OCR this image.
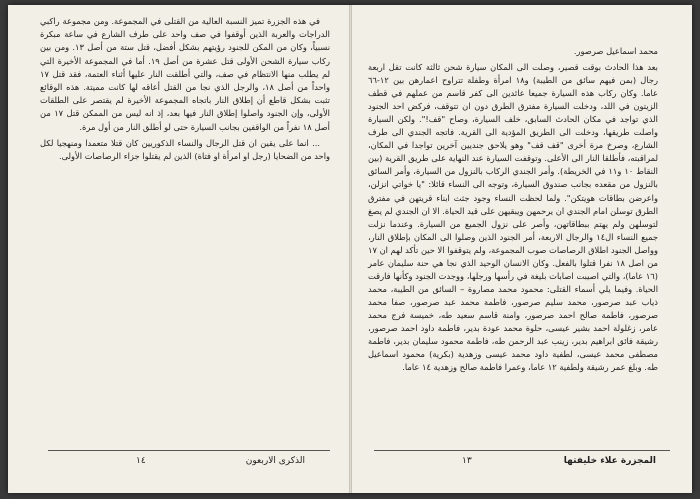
في هذه الجزرة تميز النسبة العالية من القتلى في المجموعة. ومن مجموعة راكبي الدراجات والعربة الذين أوقفوا في صف واحد على طرف الشارع في ساعة مبكرة نسبياً، وكان من المكن للجنود رؤيتهم بشكل أفضل، قتل ستة من أصل ١٣. ومن بين ركاب سيارة الشحن الأولى قتل عشرة من أصل ١٩. أما في المجموعة الأخيرة التي لم يطلب منها الانتظام في صف، والتي أطلقت النار عليها أثناء العتمة، فقد قتل ١٧ واحداً من أصل ١٨، والرجل الذي نجا من القتل أعاقه لها كانت مميتة. هذه الوقائع تثبت بشكل قاطع أن إطلاق النار باتجاه المجموعة الأخيرة لم يقتصر على الطلقات الأولى، وإن الجنود واصلوا إطلاق النار فيها بعد، إذ انه ليس من الممكن قتل ١٧ من أصل ١٨ نفراً من الواقفين بجانب السيارة حتى لو أطلق النار من أول مرة.

... انما على يقين ان قتل الرجال والنساء الذكوريين كان قتلا متعمدا ومنهجيا لكل واحد من الضحايا (رجل او امرأة او فتاة) الذين لم يقتلوا جزاء الرصاصات الأولى.

الذكرى الاربعون
١٤

محمد اسماعيل صرصور.

بعد هذا الحادث بوقت قصير، وصلت الى المكان سيارة شحن ثالثة كانت تقل اربعة رجال (بمن فيهم سائق من الطيبة) و١٨ امرأة وطفلة تتراوح اعمارهن بين ١٢-٦٦ عاما. وكان ركاب هذه السيارة جميعا عائدين الى كفر قاسم من عملهم في قطف الزيتون في اللد، ودخلت السيارة مفترق الطرق دون ان تتوقف، فركض احد الجنود الذي تواجد في مكان الحادث السابق، خلف السيارة، وصاح "قف!". ولكن السيارة واصلت طريقها، ودخلت الى الطريق المؤدية الى القرية. فاتجه الجندي الى طرف الشارع، وصرخ مرة أخرى "قف قف" وهو يلاحق جنديين آخرين تواجدا في المكان، لمراقبته، فأطلقا النار الى الأعلى. وتوقفت السيارة عند النهاية على طريق القرية (بين النقاط ١٠ و١١ في الخريطة). وأمر الجندي الركاب بالنزول من السيارة، وأمر السائق بالنزول من مقعده بجانب صندوق السيارة، وتوجه الى النساء قائلا: "يا خواتي انزلن، واعرضن بطاقات هويتكن". ولما لحظت النساء وجود جثث ابناء قريتهن في مفترق الطرق توسلن امام الجندي ان يرحمهن ويبقيهن على قيد الحياة. الا ان الجندي لم يصغ لتوسلهن ولم يهتم ببطاقاتهن، وأصر على نزول الجميع من السيارة. وعندما نزلت جميع النساء ال١٤ والرجال الاربعة، أمر الجنود الذين وصلوا الى المكان بإطلاق النار، وواصل الجنود اطلاق الرصاصات صوب المجموعة، ولم يتوقفوا الا حين تأكد لهم ان ١٧ من اصل ١٨ نفرا قتلوا بالفعل. وكان الانسان الوحيد الذي نجا هي حنة سليمان عامر (١٦ عاما)، والتي اصيبت اصابات بليغة في رأسها ورجلها، ووجدت الجنود وكأنها فارقت الحياة. وفيما يلي أسماء القتلى: محمود محمد مصاروة – السائق من الطيبة، محمد ذياب عبد صرصور، محمد سليم صرصور، فاطمة محمد عبد صرصور، صفا محمد صرصور، فاطمة صالح احمد صرصور، وامنة قاسم سعيد طه، خميسة فرج محمد عامر، زغلولة احمد بشير عيسى، حلوة محمد عودة بدير، فاطمة داود احمد صرصور، رشيقة فائق ابراهيم بدير، زينب عبد الرحمن طه، فاطمة محمود سليمان بدير، فاطمة مصطفى محمد عيسى، لطفية داود محمد عيسى وزهدية (بكرية) محمود اسماعيل طه. وبلغ عمر رشيقة ولطفية ١٢ عاما، وعمرا فاطمة صالح وزهدية ١٤ عاما.

المجزرة علاء خليفتها
١٣
